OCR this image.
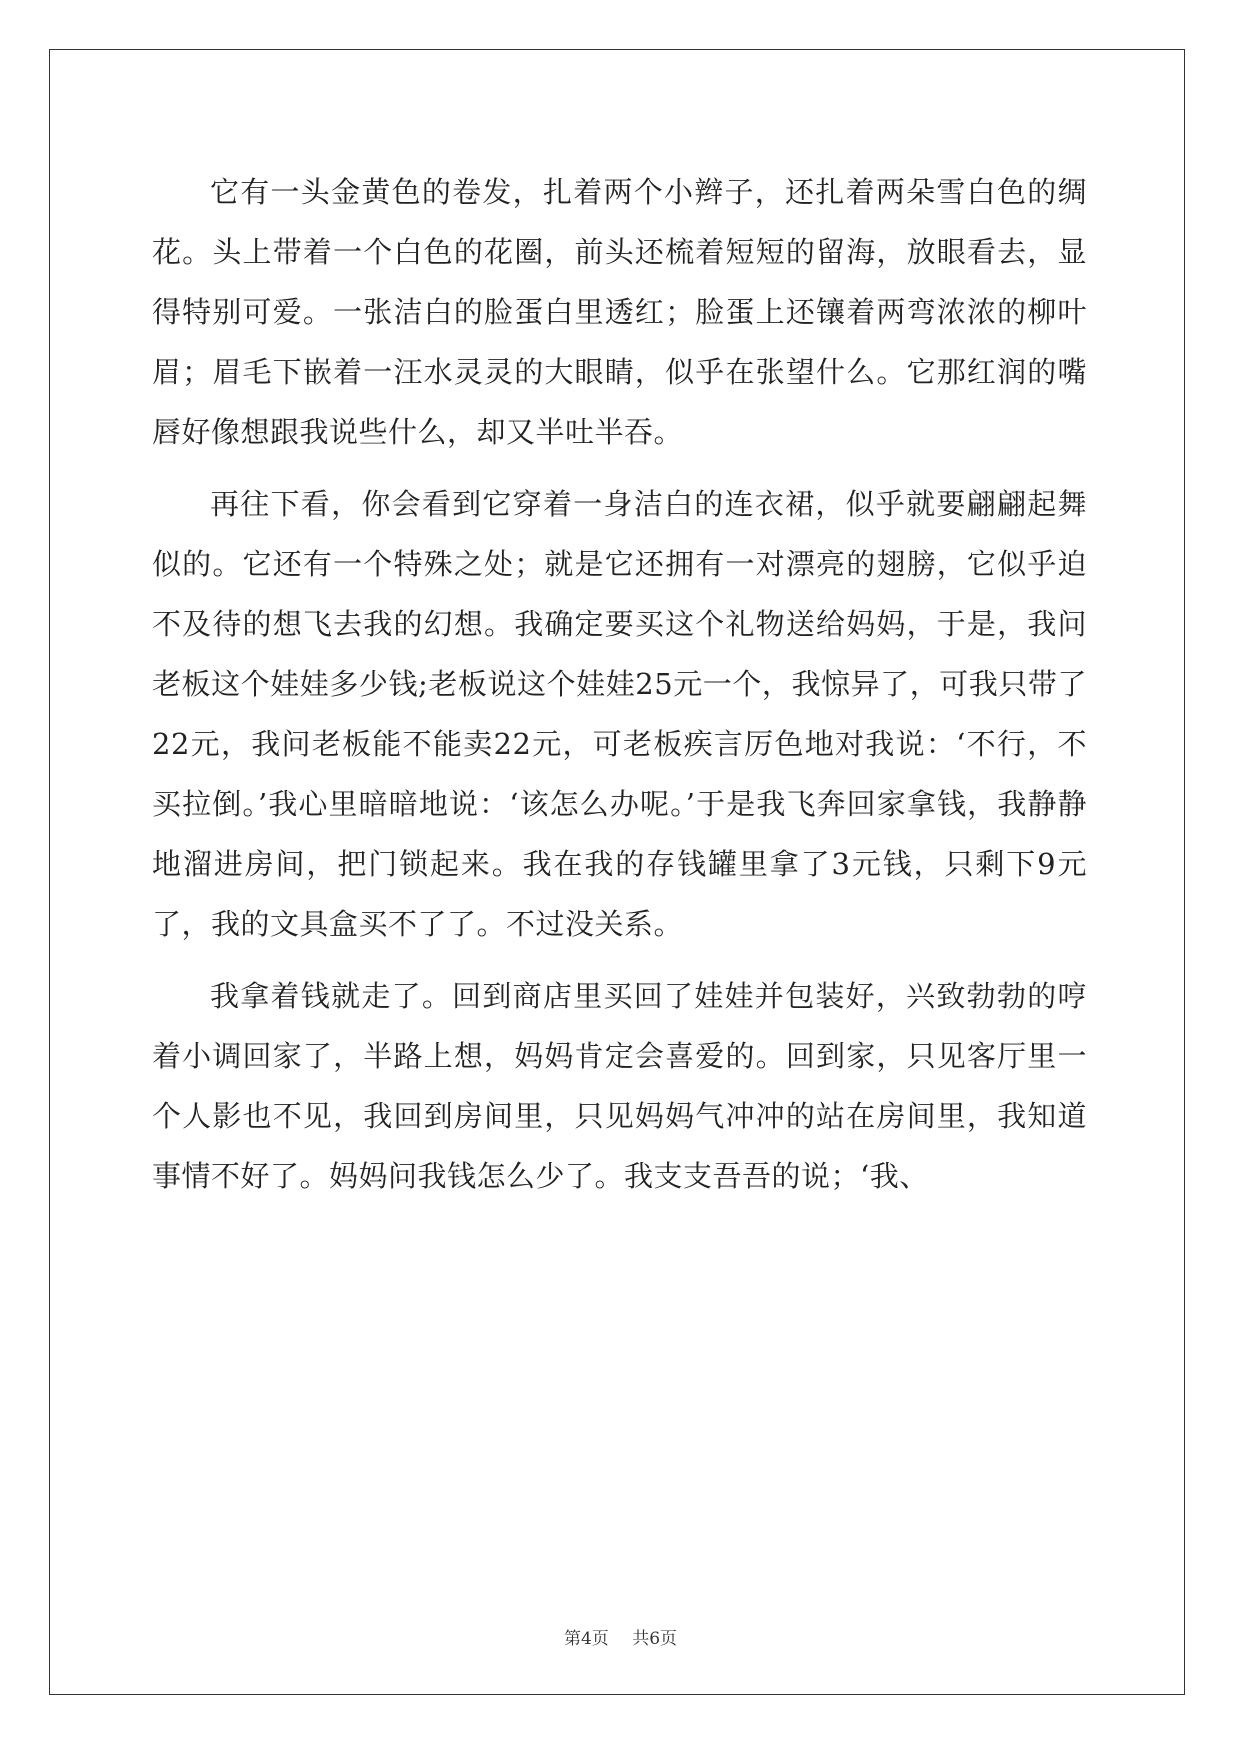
它有一头金黄色的卷发，扎着两个小辫子，还扎着两朵雪白色的绸花。头上带着一个白色的花圈，前头还梳着短短的留海，放眼看去，显得特别可爱。一张洁白的脸蛋白里透红；脸蛋上还镶着两弯浓浓的柳叶眉；眉毛下嵌着一汪水灵灵的大眼睛，似乎在张望什么。它那红润的嘴唇好像想跟我说些什么，却又半吐半吞。

再往下看，你会看到它穿着一身洁白的连衣裙，似乎就要翩翩起舞似的。它还有一个特殊之处；就是它还拥有一对漂亮的翅膀，它似乎迫不及待的想飞去我的幻想。我确定要买这个礼物送给妈妈，于是，我问老板这个娃娃多少钱;老板说这个娃娃25元一个，我惊异了，可我只带了22元，我问老板能不能卖22元，可老板疾言厉色地对我说：‘不行，不买拉倒。’我心里暗暗地说：‘该怎么办呢。’于是我飞奔回家拿钱，我静静地溜进房间，把门锁起来。我在我的存钱罐里拿了3元钱，只剩下9元了，我的文具盒买不了了。不过没关系。

我拿着钱就走了。回到商店里买回了娃娃并包装好，兴致勃勃的哼着小调回家了，半路上想，妈妈肯定会喜爱的。回到家，只见客厅里一个人影也不见，我回到房间里，只见妈妈气冲冲的站在房间里，我知道事情不好了。妈妈问我钱怎么少了。我支支吾吾的说；‘我、

第4页 共6页
